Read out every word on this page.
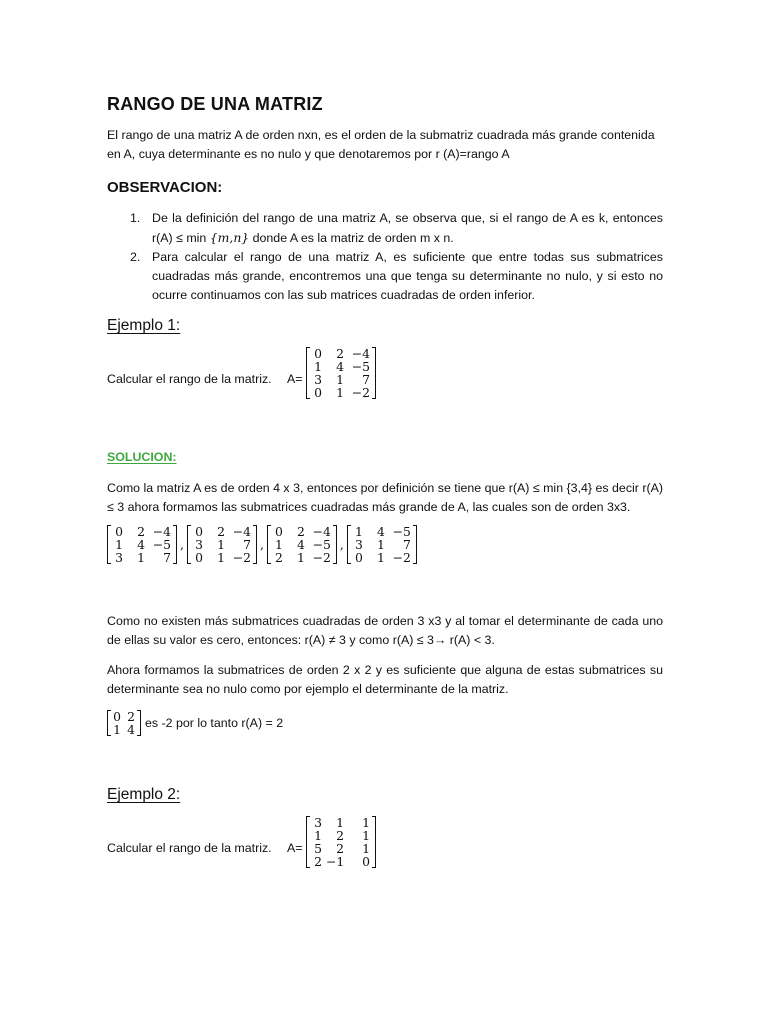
RANGO DE UNA MATRIZ
El rango de una matriz A de orden nxn, es el orden de la submatriz cuadrada más grande contenida en A, cuya determinante es no nulo y que denotaremos por r (A)=rango A
OBSERVACION:
1. De la definición del rango de una matriz A, se observa que, si el rango de A es k, entonces r(A) ≤ min {m,n} donde A es la matriz de orden m x n.
2. Para calcular el rango de una matriz A, es suficiente que entre todas sus submatrices cuadradas más grande, encontremos una que tenga su determinante no nulo, y si esto no ocurre continuamos con las sub matrices cuadradas de orden inferior.
Ejemplo 1:
Calcular el rango de la matriz. A=
0	2 −4
1	4 −5
3	1	7
0	1 −2
SOLUCION:
Como la matriz A es de orden 4 x 3, entonces por definición se tiene que r(A) ≤ min {3,4} es decir r(A) ≤ 3 ahora formamos las submatrices cuadradas más grande de A, las cuales son de orden 3x3.
0	2 −4
1	4 −5
3	1	7
,
0	2 −4
3	1	7
0	1 −2
,
0	2 −4
1	4 −5
2	1 −2
,
1	4 −5
3	1	7
0	1 −2
Como no existen más submatrices cuadradas de orden 3 x3 y al tomar el determinante de cada uno de ellas su valor es cero, entonces: r(A) ≠ 3 y como r(A) ≤ 3→ r(A) < 3.
Ahora formamos la submatrices de orden 2 x 2 y es suficiente que alguna de estas submatrices su determinante sea no nulo como por ejemplo el determinante de la matriz.
0 2
1 4 es -2 por lo tanto r(A) = 2
Ejemplo 2:
Calcular el rango de la matriz. A=
3	1	1
1	2	1
5	2	1
2 −1	0
